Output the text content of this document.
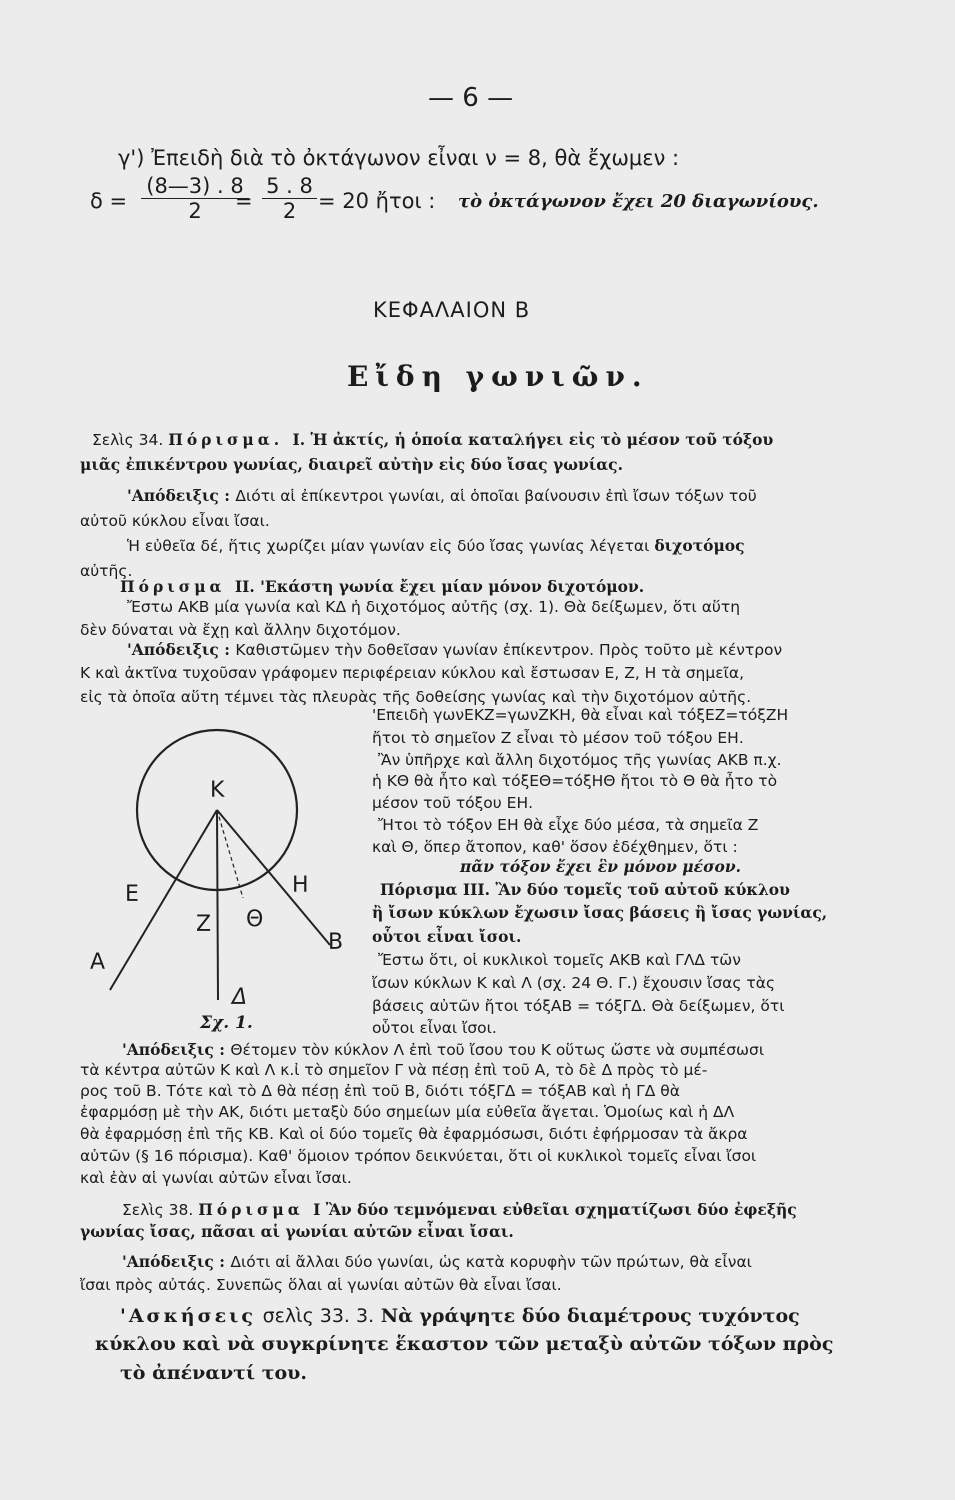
— 6 —
γ') Ἐπειδὴ διὰ τὸ ὀκτάγωνον εἶναι ν = 8, θὰ ἔχωμεν :
$\delta = \frac{(8—3) . 8}{2}$
= $\frac{5 . 8}{2} = 20$ ἤτοι : τὸ ὀκτάγωνον ἔχει 20 διαγωνίους.
ΚΕΦΑΛΑΙΟΝ Β
Εἴδη γωνιῶν.
Σελὶς 34. Πόρισμα. Ι. Ἡ ἀκτίς, ἡ ὁποία καταλήγει εἰς τὸ μέσον τοῦ τόξου
μιᾶς ἐπικέντρου γωνίας, διαιρεῖ αὐτὴν εἰς δύο ἴσας γωνίας.
'Απόδειξις : Διότι αἱ ἐπίκεντροι γωνίαι, αἱ ὁποῖαι βαίνουσιν ἐπὶ ἴσων τόξων τοῦ
αὐτοῦ κύκλου εἶναι ἴσαι.
Ἡ εὐθεῖα δέ, ἥτις χωρίζει μίαν γωνίαν εἰς δύο ἴσας γωνίας λέγεται διχοτόμος
αὐτῆς.
Πόρισμα ΙΙ. 'Εκάστη γωνία ἔχει μίαν μόνον διχοτόμον.
Ἔστω ΑΚΒ μία γωνία καὶ ΚΔ ἡ διχοτόμος αὐτῆς (σχ. 1). Θὰ δείξωμεν, ὅτι αὕτη
δὲν δύναται νὰ ἔχῃ καὶ ἄλλην διχοτόμον.
'Απόδειξις : Καθιστῶμεν τὴν δοθεῖσαν γωνίαν ἐπίκεντρον. Πρὸς τοῦτο μὲ κέντρον
Κ καὶ ἀκτῖνα τυχοῦσαν γράφομεν περιφέρειαν κύκλου καὶ ἔστωσαν Ε, Ζ, Η τὰ σημεῖα,
εἰς τὰ ὁποῖα αὕτη τέμνει τὰς πλευρὰς τῆς δοθείσης γωνίας καὶ τὴν διχοτόμον αὐτῆς.
'Επειδὴ γωνΕΚΖ=γωνΖΚΗ, θὰ εἶναι καὶ τόξΕΖ=τόξΖΗ
ἤτοι τὸ σημεῖον Ζ εἶναι τὸ μέσον τοῦ τόξου ΕΗ.
Ἂν ὑπῆρχε καὶ ἄλλη διχοτόμος τῆς γωνίας ΑΚΒ π.χ.
ἡ ΚΘ θὰ ἦτο καὶ τόξΕΘ=τόξΗΘ ἤτοι τὸ Θ θὰ ἦτο τὸ
μέσον τοῦ τόξου ΕΗ.
Ἤτοι τὸ τόξον ΕΗ θὰ εἶχε δύο μέσα, τὰ σημεῖα Ζ
καὶ Θ, ὅπερ ἄτοπον, καθ' ὅσον ἐδέχθημεν, ὅτι :
πᾶν τόξον ἔχει ἓν μόνον μέσον.
Πόρισμα ΙΙΙ. Ἂν δύο τομεῖς τοῦ αὐτοῦ κύκλου
ἢ ἴσων κύκλων ἔχωσιν ἴσας βάσεις ἢ ἴσας γωνίας,
οὗτοι εἶναι ἴσοι.
Ἔστω ὅτι, οἱ κυκλικοὶ τομεῖς ΑΚΒ καὶ ΓΛΔ τῶν
ἴσων κύκλων Κ καὶ Λ (σχ. 24 Θ. Γ.) ἔχουσιν ἴσας τὰς
βάσεις αὐτῶν ἤτοι τόξΑΒ = τόξΓΔ. Θὰ δείξωμεν, ὅτι
οὗτοι εἶναι ἴσοι.
'Απόδειξις : Θέτομεν τὸν κύκλον Λ ἐπὶ τοῦ ἴσου του Κ οὕτως ὥστε νὰ συμπέσωσι
τὰ κέντρα αὐτῶν Κ καὶ Λ κ.ἰ τὸ σημεῖον Γ νὰ πέσῃ ἐπὶ τοῦ Α, τὸ δὲ Δ πρὸς τὸ μέ-
ρος τοῦ Β. Τότε καὶ τὸ Δ θὰ πέσῃ ἐπὶ τοῦ Β, διότι τόξΓΔ = τόξΑΒ καὶ ἡ ΓΔ θὰ
ἐφαρμόσῃ μὲ τὴν ΑΚ, διότι μεταξὺ δύο σημείων μία εὐθεῖα ἄγεται. Ὁμοίως καὶ ἡ ΔΛ
θὰ ἐφαρμόσῃ ἐπὶ τῆς ΚΒ. Καὶ οἱ δύο τομεῖς θὰ ἐφαρμόσωσι, διότι ἐφήρμοσαν τὰ ἄκρα
αὐτῶν (§ 16 πόρισμα). Καθ' ὅμοιον τρόπον δεικνύεται, ὅτι οἱ κυκλικοὶ τομεῖς εἶναι ἴσοι
καὶ ἐὰν αἱ γωνίαι αὐτῶν εἶναι ἴσαι.
Σελὶς 38. Πόρισμα Ι Ἂν δύο τεμνόμεναι εὐθεῖαι σχηματίζωσι δύο ἐφεξῆς
γωνίας ἴσας, πᾶσαι αἱ γωνίαι αὐτῶν εἶναι ἴσαι.
'Απόδειξις : Διότι αἱ ἄλλαι δύο γωνίαι, ὡς κατὰ κορυφὴν τῶν πρώτων, θὰ εἶναι
ἴσαι πρὸς αὐτάς. Συνεπῶς ὅλαι αἱ γωνίαι αὐτῶν θὰ εἶναι ἴσαι.
'Ασκήσεις σελὶς 33. 3. Νὰ γράψητε δύο διαμέτρους τυχόντος
κύκλου καὶ νὰ συγκρίνητε ἕκαστον τῶν μεταξὺ αὐτῶν τόξων πρὸς
τὸ ἀπέναντί του.
Κ
Ε	Η
Ζ Θ
Α
Β
Δ
Σχ. 1.
